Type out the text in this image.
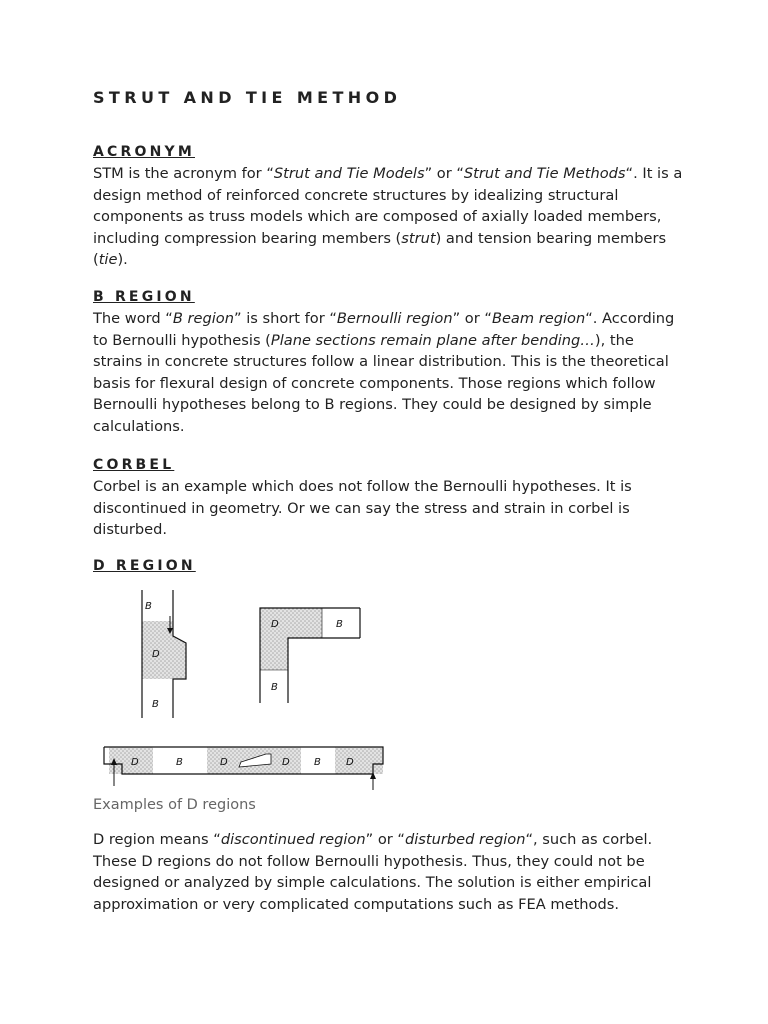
STRUT AND TIE METHOD
ACRONYM

STM is the acronym for “Strut and Tie Models” or “Strut and Tie Methods“. It is a design method of reinforced concrete structures by idealizing structural components as truss models which are composed of axially loaded members, including compression bearing members (strut) and tension bearing members (tie).

B REGION

The word “B region” is short for “Bernoulli region” or “Beam region“. According to Bernoulli hypothesis (Plane sections remain plane after bending…), the strains in concrete structures follow a linear distribution. This is the theoretical basis for flexural design of concrete components. Those regions which follow Bernoulli hypotheses belong to B regions. They could be designed by simple calculations.

CORBEL

Corbel is an example which does not follow the Bernoulli hypotheses. It is discontinued in geometry. Or we can say the stress and strain in corbel is disturbed.

D REGION

Examples of D regions

D region means “discontinued region” or “disturbed region“, such as corbel. These D regions do not follow Bernoulli hypothesis. Thus, they could not be designed or analyzed by simple calculations. The solution is either empirical approximation or very complicated computations such as FEA methods.

B
D
B
D	B
B
D	B	D	D B	D
